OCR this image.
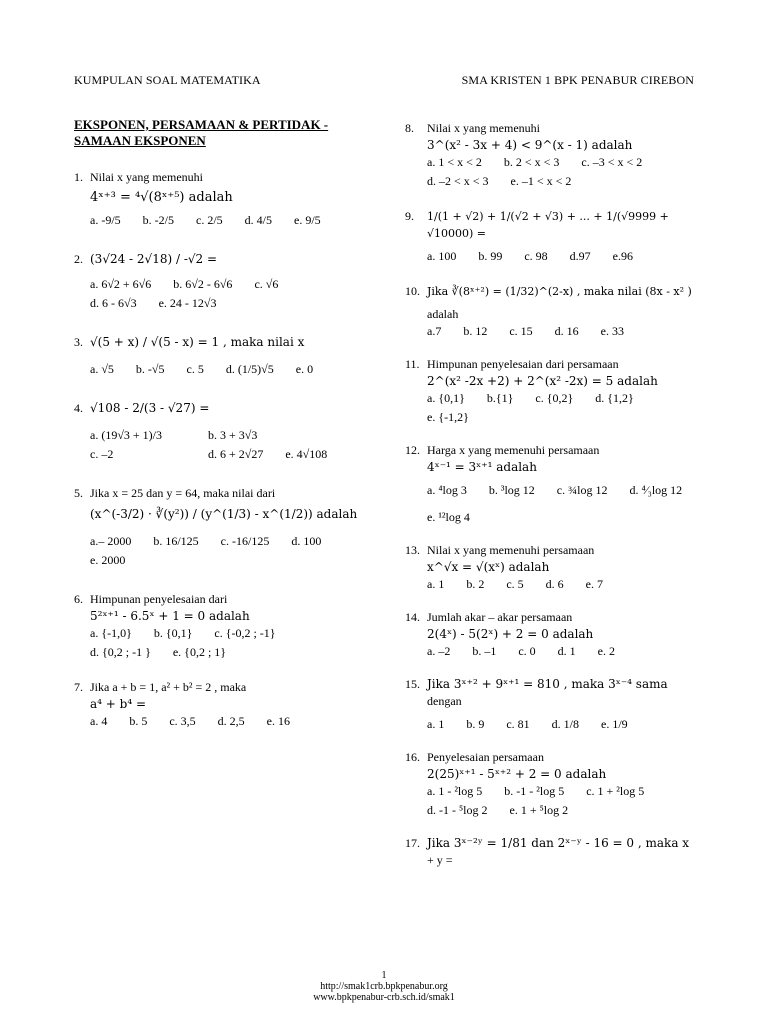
KUMPULAN SOAL MATEMATIKA	SMA KRISTEN 1 BPK PENABUR CIREBON
EKSPONEN, PERSAMAAN & PERTIDAK - SAMAAN EKSPONEN
1. Nilai x yang memenuhi
4ˣ⁺³ = ⁴√(8ˣ⁺⁵) adalah
a. -9/5 b. -2/5 c. 2/5 d. 4/5 e. 9/5
2. (3√24 - 2√18) / -√2 =
a. 6√2 + 6√6 b. 6√2 - 6√6 c. √6
d. 6 - 6√3 e. 24 - 12√3
3. √(5 + x) / √(5 - x) = 1 , maka nilai x
a. √5 b. -√5 c. 5 d. (1/5)√5 e. 0
4. √108 - 2/(3 - √27) =
a. (19√3 + 1)/3	b. 3 + 3√3
c. –2	d. 6 + 2√27 e. 4√108
5. Jika x = 25 dan y = 64, maka nilai dari
(x^(-3/2) · ∛(y²)) / (y^(1/3) - x^(1/2)) adalah
a.– 2000 b. 16/125 c. -16/125 d. 100
e. 2000
6. Himpunan penyelesaian dari
5²ˣ⁺¹ - 6.5ˣ + 1 = 0 adalah
a. {-1,0} b. {0,1} c. {-0,2 ; -1}
d. {0,2 ; -1 } e. {0,2 ; 1}
7. Jika a + b = 1, a² + b² = 2 , maka
a⁴ + b⁴ =
a. 4 b. 5 c. 3,5 d. 2,5 e. 16
8. Nilai x yang memenuhi
3^(x² - 3x + 4) < 9^(x - 1) adalah
a. 1 < x < 2 b. 2 < x < 3 c. –3 < x < 2
d. –2 < x < 3 e. –1 < x < 2
9. 1/(1 + √2) + 1/(√2 + √3) + ... + 1/(√9999 + √10000) =
a. 100 b. 99 c. 98 d.97 e.96
10. Jika ∛(8ˣ⁺²) = (1/32)^(2-x) , maka nilai (8x - x² )
adalah
a.7 b. 12 c. 15 d. 16 e. 33
11. Himpunan penyelesaian dari persamaan
2^(x² -2x +2) + 2^(x² -2x) = 5 adalah
a. {0,1} b.{1} c. {0,2} d. {1,2}
e. {-1,2}
12. Harga x yang memenuhi persamaan
4ˣ⁻¹ = 3ˣ⁺¹ adalah
a. ⁴log 3 b. ³log 12 c. ¾log 12 d. ⁴⁄₃log 12
e. ¹²log 4
13. Nilai x yang memenuhi persamaan
x^√x = √(xˣ) adalah
a. 1 b. 2 c. 5 d. 6 e. 7
14. Jumlah akar – akar persamaan
2(4ˣ) - 5(2ˣ) + 2 = 0 adalah
a. –2 b. –1 c. 0 d. 1 e. 2
15. Jika 3ˣ⁺² + 9ˣ⁺¹ = 810 , maka 3ˣ⁻⁴ sama
dengan
a. 1 b. 9 c. 81 d. 1/8 e. 1/9
16. Penyelesaian persamaan
2(25)ˣ⁺¹ - 5ˣ⁺² + 2 = 0 adalah
a. 1 - ²log 5 b. -1 - ²log 5 c. 1 + ²log 5
d. -1 - ⁵log 2 e. 1 + ⁵log 2
17. Jika 3ˣ⁻²ʸ = 1/81 dan 2ˣ⁻ʸ - 16 = 0 , maka x
+ y =
1
http://smak1crb.bpkpenabur.org
www.bpkpenabur-crb.sch.id/smak1
